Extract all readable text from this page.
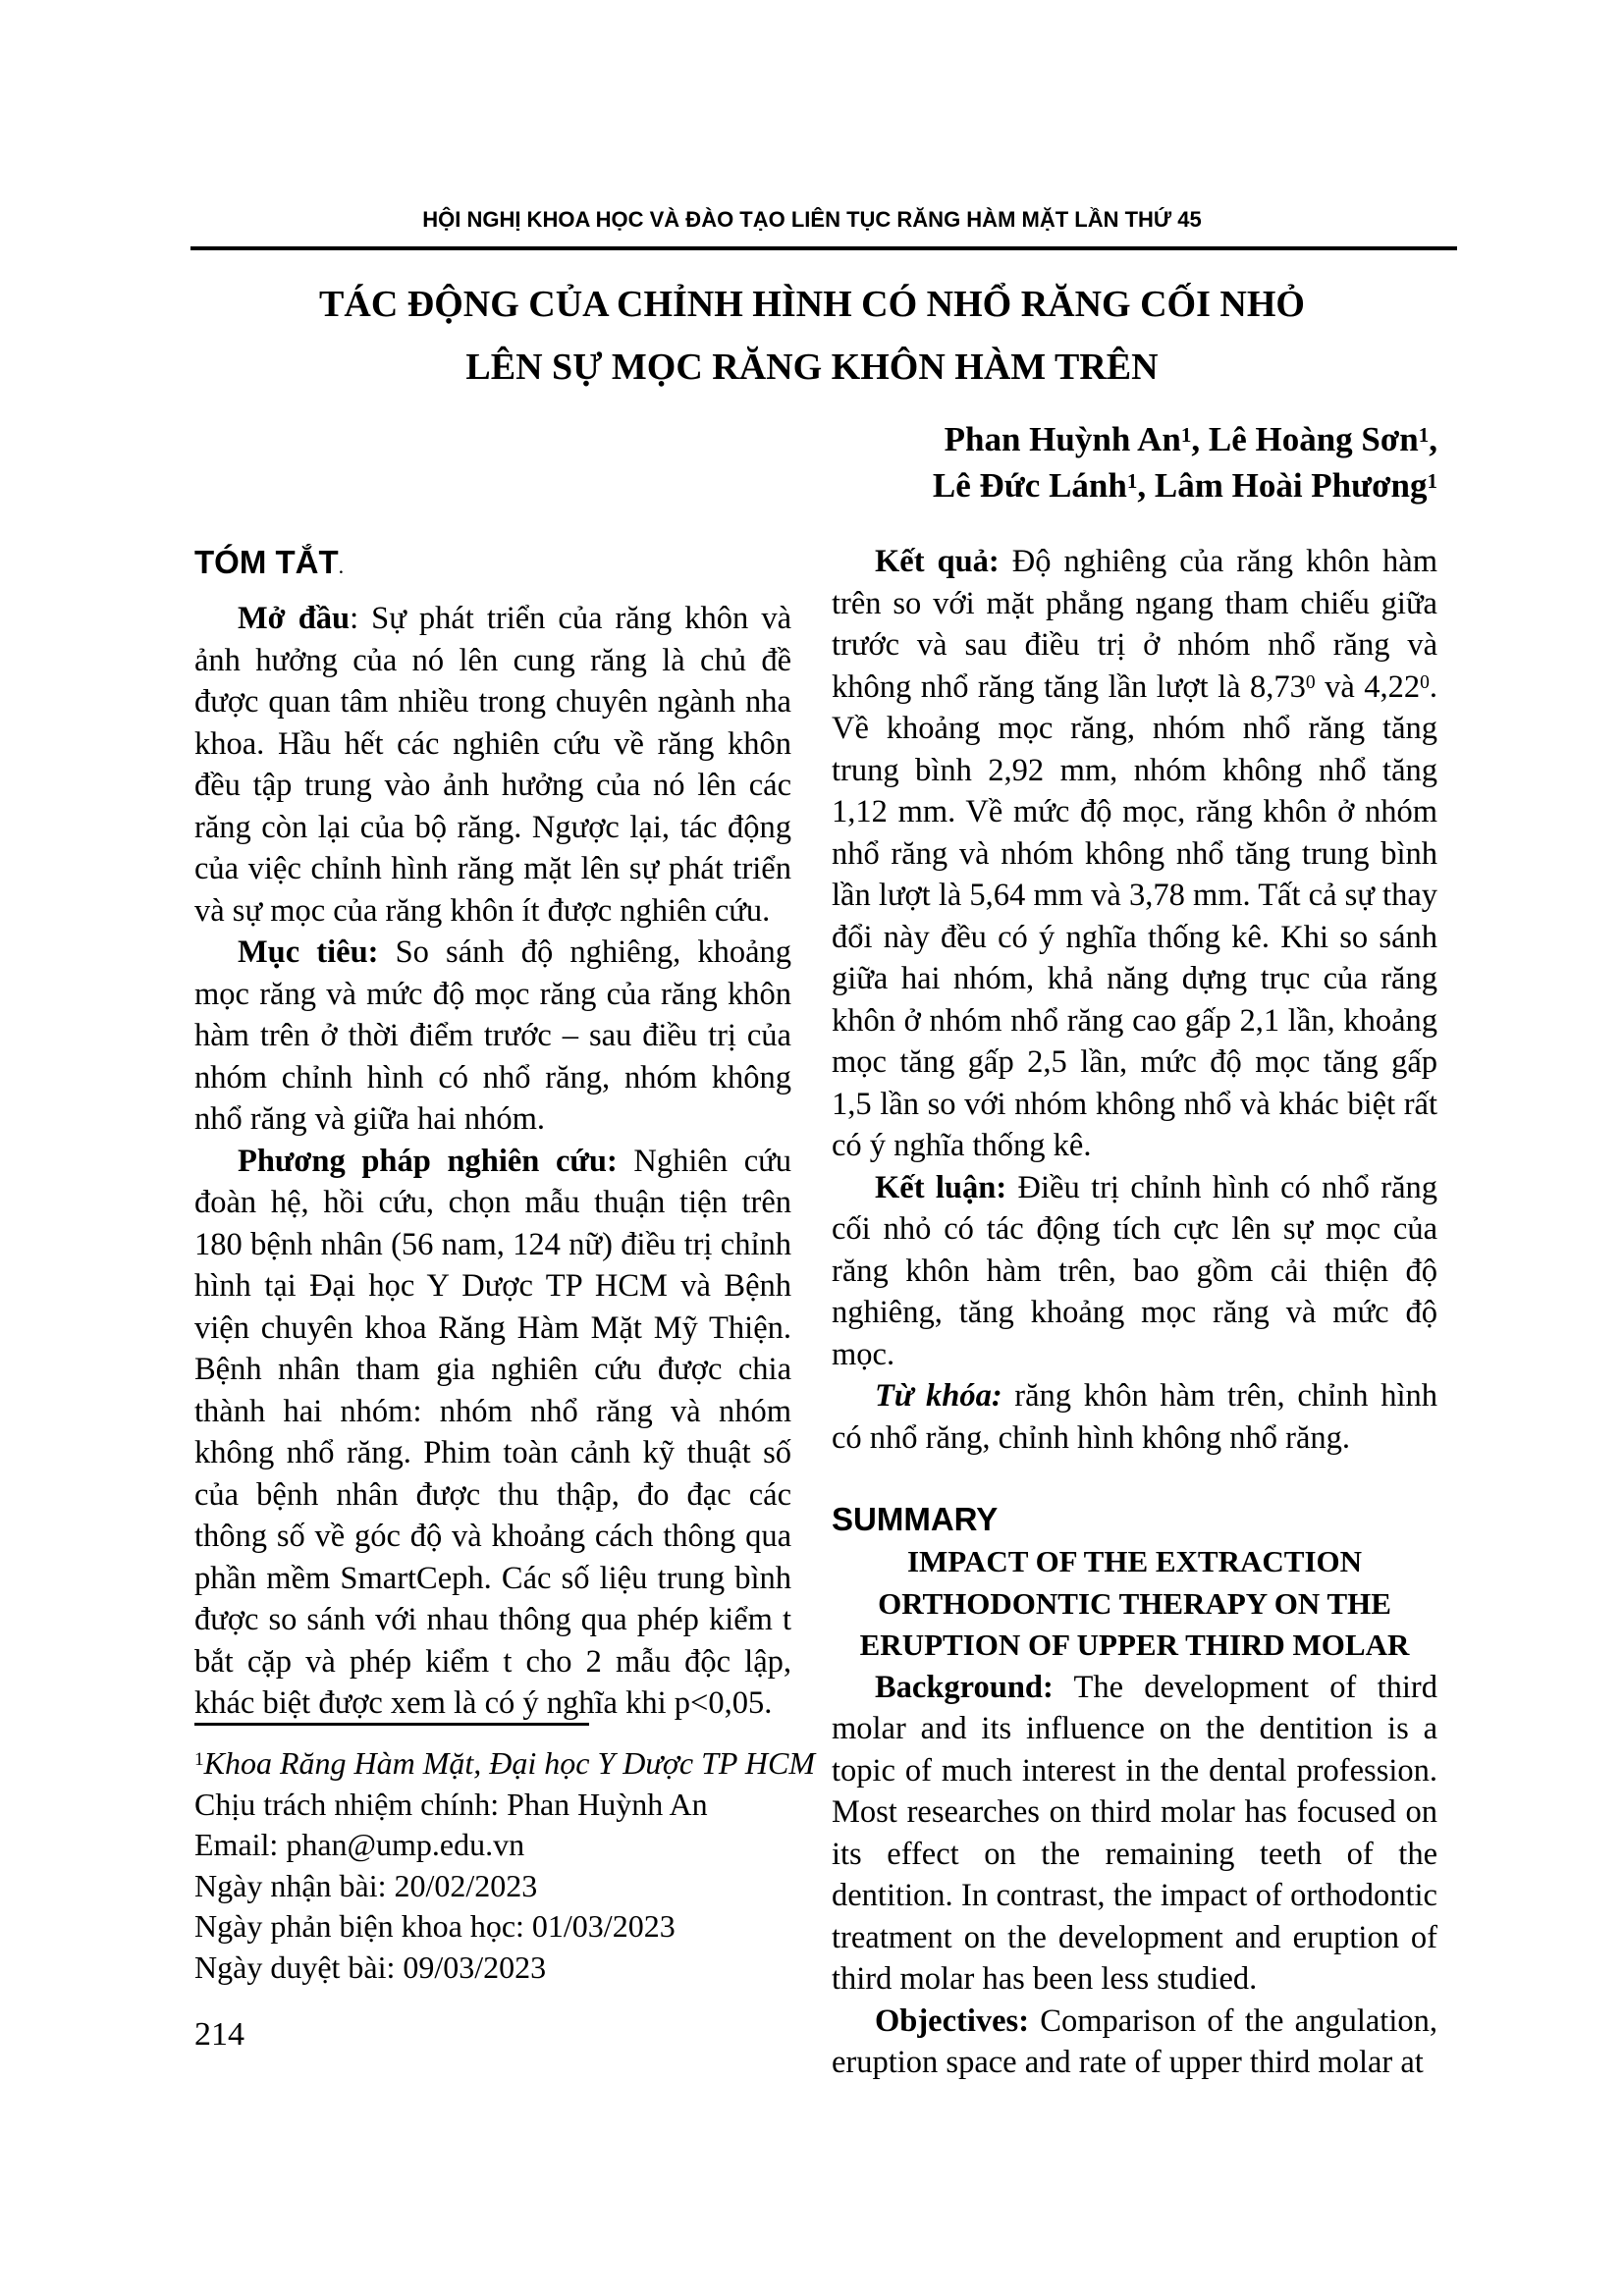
HỘI NGHỊ KHOA HỌC VÀ ĐÀO TẠO LIÊN TỤC RĂNG HÀM MẶT LẦN THỨ 45
TÁC ĐỘNG CỦA CHỈNH HÌNH CÓ NHỔ RĂNG CỐI NHỎ
LÊN SỰ MỌC RĂNG KHÔN HÀM TRÊN
Phan Huỳnh An$^1$, Lê Hoàng Sơn$^1$,
Lê Đức Lánh$^1$, Lâm Hoài Phương$^1$
TÓM TẮT.

Mở đầu: Sự phát triển của răng khôn và ảnh hưởng của nó lên cung răng là chủ đề được quan tâm nhiều trong chuyên ngành nha khoa. Hầu hết các nghiên cứu về răng khôn đều tập trung vào ảnh hưởng của nó lên các răng còn lại của bộ răng. Ngược lại, tác động của việc chỉnh hình răng mặt lên sự phát triển và sự mọc của răng khôn ít được nghiên cứu.

Mục tiêu: So sánh độ nghiêng, khoảng mọc răng và mức độ mọc răng của răng khôn hàm trên ở thời điểm trước – sau điều trị của nhóm chỉnh hình có nhổ răng, nhóm không nhổ răng và giữa hai nhóm.

Phương pháp nghiên cứu: Nghiên cứu đoàn hệ, hồi cứu, chọn mẫu thuận tiện trên 180 bệnh nhân (56 nam, 124 nữ) điều trị chỉnh hình tại Đại học Y Dược TP HCM và Bệnh viện chuyên khoa Răng Hàm Mặt Mỹ Thiện. Bệnh nhân tham gia nghiên cứu được chia thành hai nhóm: nhóm nhổ răng và nhóm không nhổ răng. Phim toàn cảnh kỹ thuật số của bệnh nhân được thu thập, đo đạc các thông số về góc độ và khoảng cách thông qua phần mềm SmartCeph. Các số liệu trung bình được so sánh với nhau thông qua phép kiểm t bắt cặp và phép kiểm t cho 2 mẫu độc lập, khác biệt được xem là có ý nghĩa khi p<0,05.

Kết quả: Độ nghiêng của răng khôn hàm trên so với mặt phẳng ngang tham chiếu giữa trước và sau điều trị ở nhóm nhổ răng và không nhổ răng tăng lần lượt là 8,73$^0$ và 4,22$^0$. Về khoảng mọc răng, nhóm nhổ răng tăng trung bình 2,92 mm, nhóm không nhổ tăng 1,12 mm. Về mức độ mọc, răng khôn ở nhóm nhổ răng và nhóm không nhổ tăng trung bình lần lượt là 5,64 mm và 3,78 mm. Tất cả sự thay đổi này đều có ý nghĩa thống kê. Khi so sánh giữa hai nhóm, khả năng dựng trục của răng khôn ở nhóm nhổ răng cao gấp 2,1 lần, khoảng mọc tăng gấp 2,5 lần, mức độ mọc tăng gấp 1,5 lần so với nhóm không nhổ và khác biệt rất có ý nghĩa thống kê.

Kết luận: Điều trị chỉnh hình có nhổ răng cối nhỏ có tác động tích cực lên sự mọc của răng khôn hàm trên, bao gồm cải thiện độ nghiêng, tăng khoảng mọc răng và mức độ mọc.

Từ khóa: răng khôn hàm trên, chỉnh hình có nhổ răng, chỉnh hình không nhổ răng.

SUMMARY
IMPACT OF THE EXTRACTION
ORTHODONTIC THERAPY ON THE
ERUPTION OF UPPER THIRD MOLAR

Background: The development of third molar and its influence on the dentition is a topic of much interest in the dental profession. Most researches on third molar has focused on its effect on the remaining teeth of the dentition. In contrast, the impact of orthodontic treatment on the development and eruption of third molar has been less studied.

Objectives: Comparison of the angulation, eruption space and rate of upper third molar at

$^1$Khoa Răng Hàm Mặt, Đại học Y Dược TP HCM
Chịu trách nhiệm chính: Phan Huỳnh An
Email: phan@ump.edu.vn
Ngày nhận bài: 20/02/2023
Ngày phản biện khoa học: 01/03/2023
Ngày duyệt bài: 09/03/2023
214
